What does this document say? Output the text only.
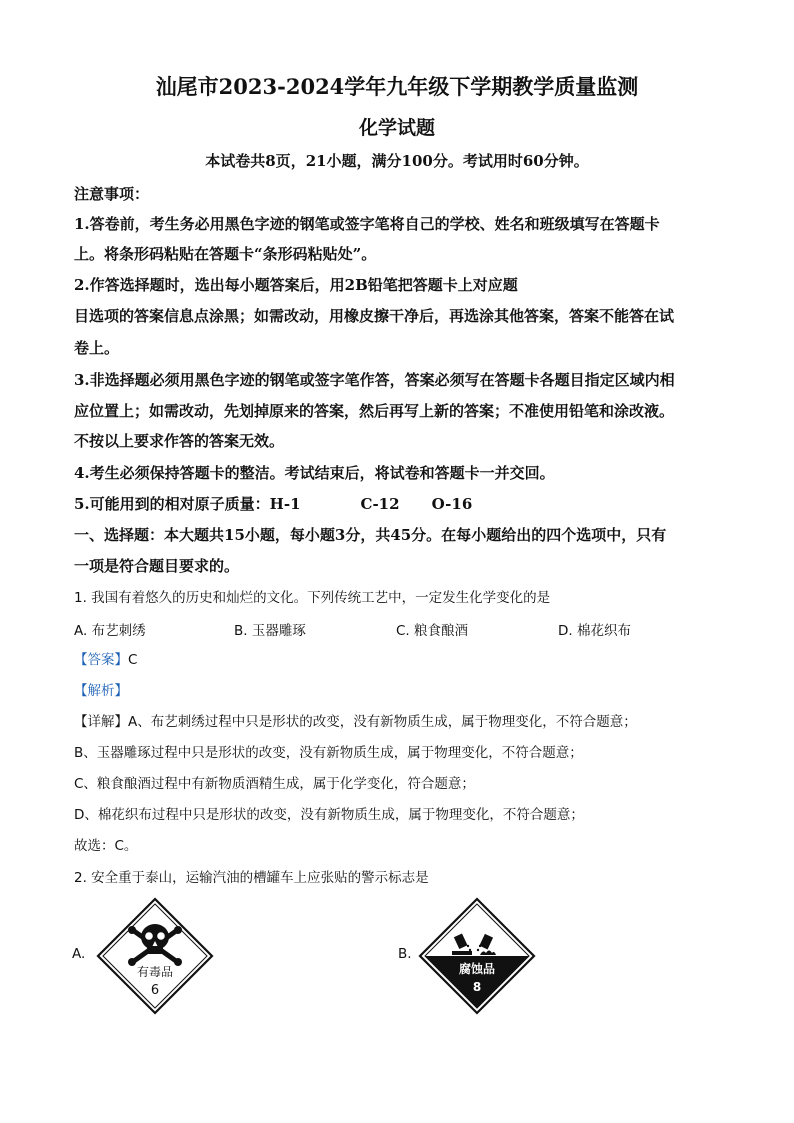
汕尾市2023-2024学年九年级下学期教学质量监测
化学试题
本试卷共8页，21小题，满分100分。考试用时60分钟。
注意事项：
1.答卷前，考生务必用黑色字迹的钢笔或签字笔将自己的学校、姓名和班级填写在答题卡
上。将条形码粘贴在答题卡“条形码粘贴处”。
2.作答选择题时，选出每小题答案后，用2B铅笔把答题卡上对应题
目选项的答案信息点涂黑；如需改动，用橡皮擦干净后，再选涂其他答案，答案不能答在试
卷上。
3.非选择题必须用黑色字迹的钢笔或签字笔作答，答案必须写在答题卡各题目指定区域内相
应位置上；如需改动，先划掉原来的答案，然后再写上新的答案；不准使用铅笔和涂改液。
不按以上要求作答的答案无效。
4.考生必须保持答题卡的整洁。考试结束后，将试卷和答题卡一并交回。
5.可能用到的相对原子质量：H-1	C-12 O-16
一、选择题：本大题共15小题，每小题3分，共45分。在每小题给出的四个选项中，只有
一项是符合题目要求的。
1. 我国有着悠久的历史和灿烂的文化。下列传统工艺中，一定发生化学变化的是
A. 布艺刺绣	B. 玉器雕琢	C. 粮食酿酒	D. 棉花织布
【答案】C
【解析】
【详解】A、布艺刺绣过程中只是形状的改变，没有新物质生成，属于物理变化，不符合题意；
B、玉器雕琢过程中只是形状的改变，没有新物质生成，属于物理变化，不符合题意；
C、粮食酿酒过程中有新物质酒精生成，属于化学变化，符合题意；
D、棉花织布过程中只是形状的改变，没有新物质生成，属于物理变化，不符合题意；
故选：C。
2. 安全重于泰山，运输汽油的槽罐车上应张贴的警示标志是
A.
有毒品
6
B.
腐蚀品
8
